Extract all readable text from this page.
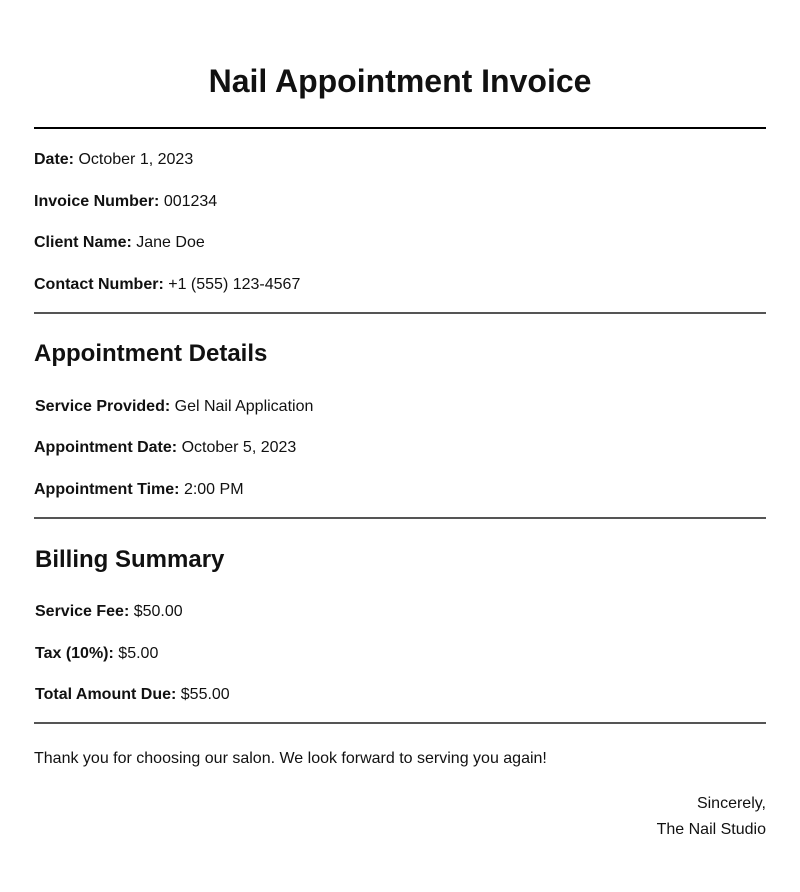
Nail Appointment Invoice
Date: October 1, 2023
Invoice Number: 001234
Client Name: Jane Doe
Contact Number: +1 (555) 123-4567
Appointment Details
Service Provided: Gel Nail Application
Appointment Date: October 5, 2023
Appointment Time: 2:00 PM
Billing Summary
Service Fee: $50.00
Tax (10%): $5.00
Total Amount Due: $55.00
Thank you for choosing our salon. We look forward to serving you again!
Sincerely,
The Nail Studio
